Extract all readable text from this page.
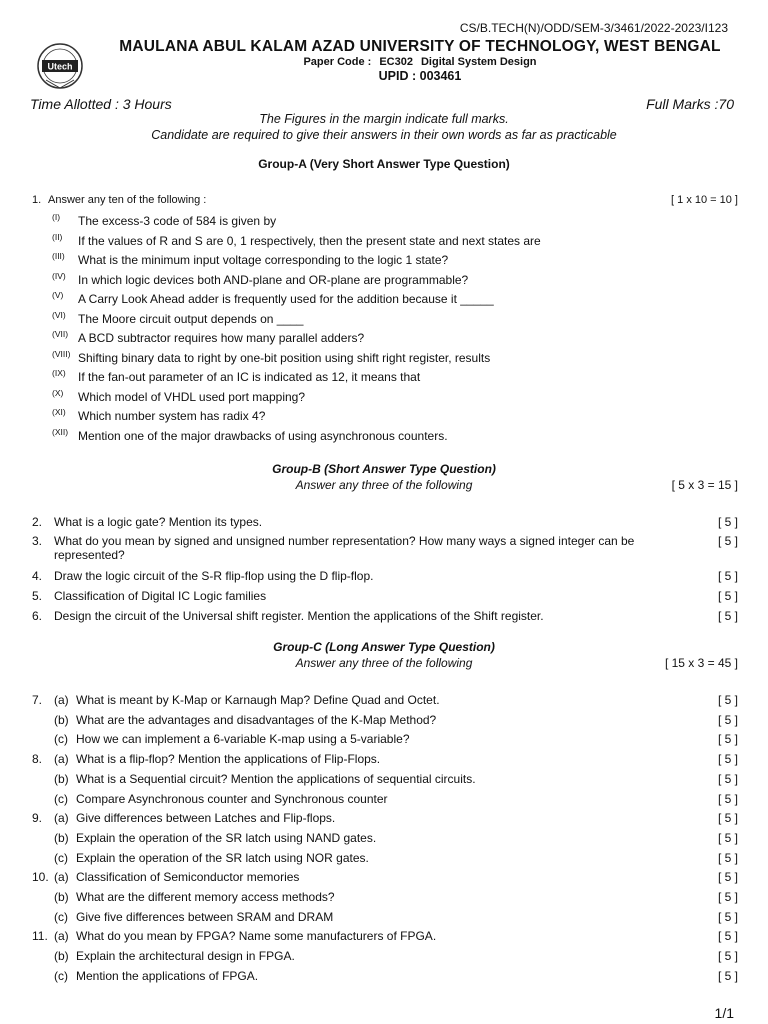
CS/B.TECH(N)/ODD/SEM-3/3461/2022-2023/I123
Utech
MAULANA ABUL KALAM AZAD UNIVERSITY OF TECHNOLOGY, WEST BENGAL
Paper Code : EC302 Digital System Design
UPID : 003461
Time Allotted : 3 Hours	Full Marks :70
The Figures in the margin indicate full marks.
Candidate are required to give their answers in their own words as far as practicable
Group-A (Very Short Answer Type Question)
1. Answer any ten of the following :	[ 1 x 10 = 10 ]
(I) The excess-3 code of 584 is given by
(II) If the values of R and S are 0, 1 respectively, then the present state and next states are
(III) What is the minimum input voltage corresponding to the logic 1 state?
(IV) In which logic devices both AND-plane and OR-plane are programmable?
(V) A Carry Look Ahead adder is frequently used for the addition because it _____
(VI) The Moore circuit output depends on ____
(VII) A BCD subtractor requires how many parallel adders?
(VIII) Shifting binary data to right by one-bit position using shift right register, results
(IX) If the fan-out parameter of an IC is indicated as 12, it means that
(X) Which model of VHDL used port mapping?
(XI) Which number system has radix 4?
(XII) Mention one of the major drawbacks of using asynchronous counters.
Group-B (Short Answer Type Question)
Answer any three of the following	[ 5 x 3 = 15 ]
2. What is a logic gate? Mention its types.	[ 5 ]
3. What do you mean by signed and unsigned number representation? How many ways a signed integer can be	[ 5 ]
represented?
4. Draw the logic circuit of the S-R flip-flop using the D flip-flop.	[ 5 ]
5. Classification of Digital IC Logic families	[ 5 ]
6. Design the circuit of the Universal shift register. Mention the applications of the Shift register.	[ 5 ]
Group-C (Long Answer Type Question)
Answer any three of the following	[ 15 x 3 = 45 ]
7. (a) What is meant by K-Map or Karnaugh Map? Define Quad and Octet.	[ 5 ]
(b) What are the advantages and disadvantages of the K-Map Method?	[ 5 ]
(c) How we can implement a 6-variable K-map using a 5-variable?	[ 5 ]
8. (a) What is a flip-flop? Mention the applications of Flip-Flops.	[ 5 ]
(b) What is a Sequential circuit? Mention the applications of sequential circuits.	[ 5 ]
(c) Compare Asynchronous counter and Synchronous counter	[ 5 ]
9. (a) Give differences between Latches and Flip-flops.	[ 5 ]
(b) Explain the operation of the SR latch using NAND gates.	[ 5 ]
(c) Explain the operation of the SR latch using NOR gates.	[ 5 ]
10. (a) Classification of Semiconductor memories	[ 5 ]
(b) What are the different memory access methods?	[ 5 ]
(c) Give five differences between SRAM and DRAM	[ 5 ]
11. (a) What do you mean by FPGA? Name some manufacturers of FPGA.	[ 5 ]
(b) Explain the architectural design in FPGA.	[ 5 ]
(c) Mention the applications of FPGA.	[ 5 ]
1/1
